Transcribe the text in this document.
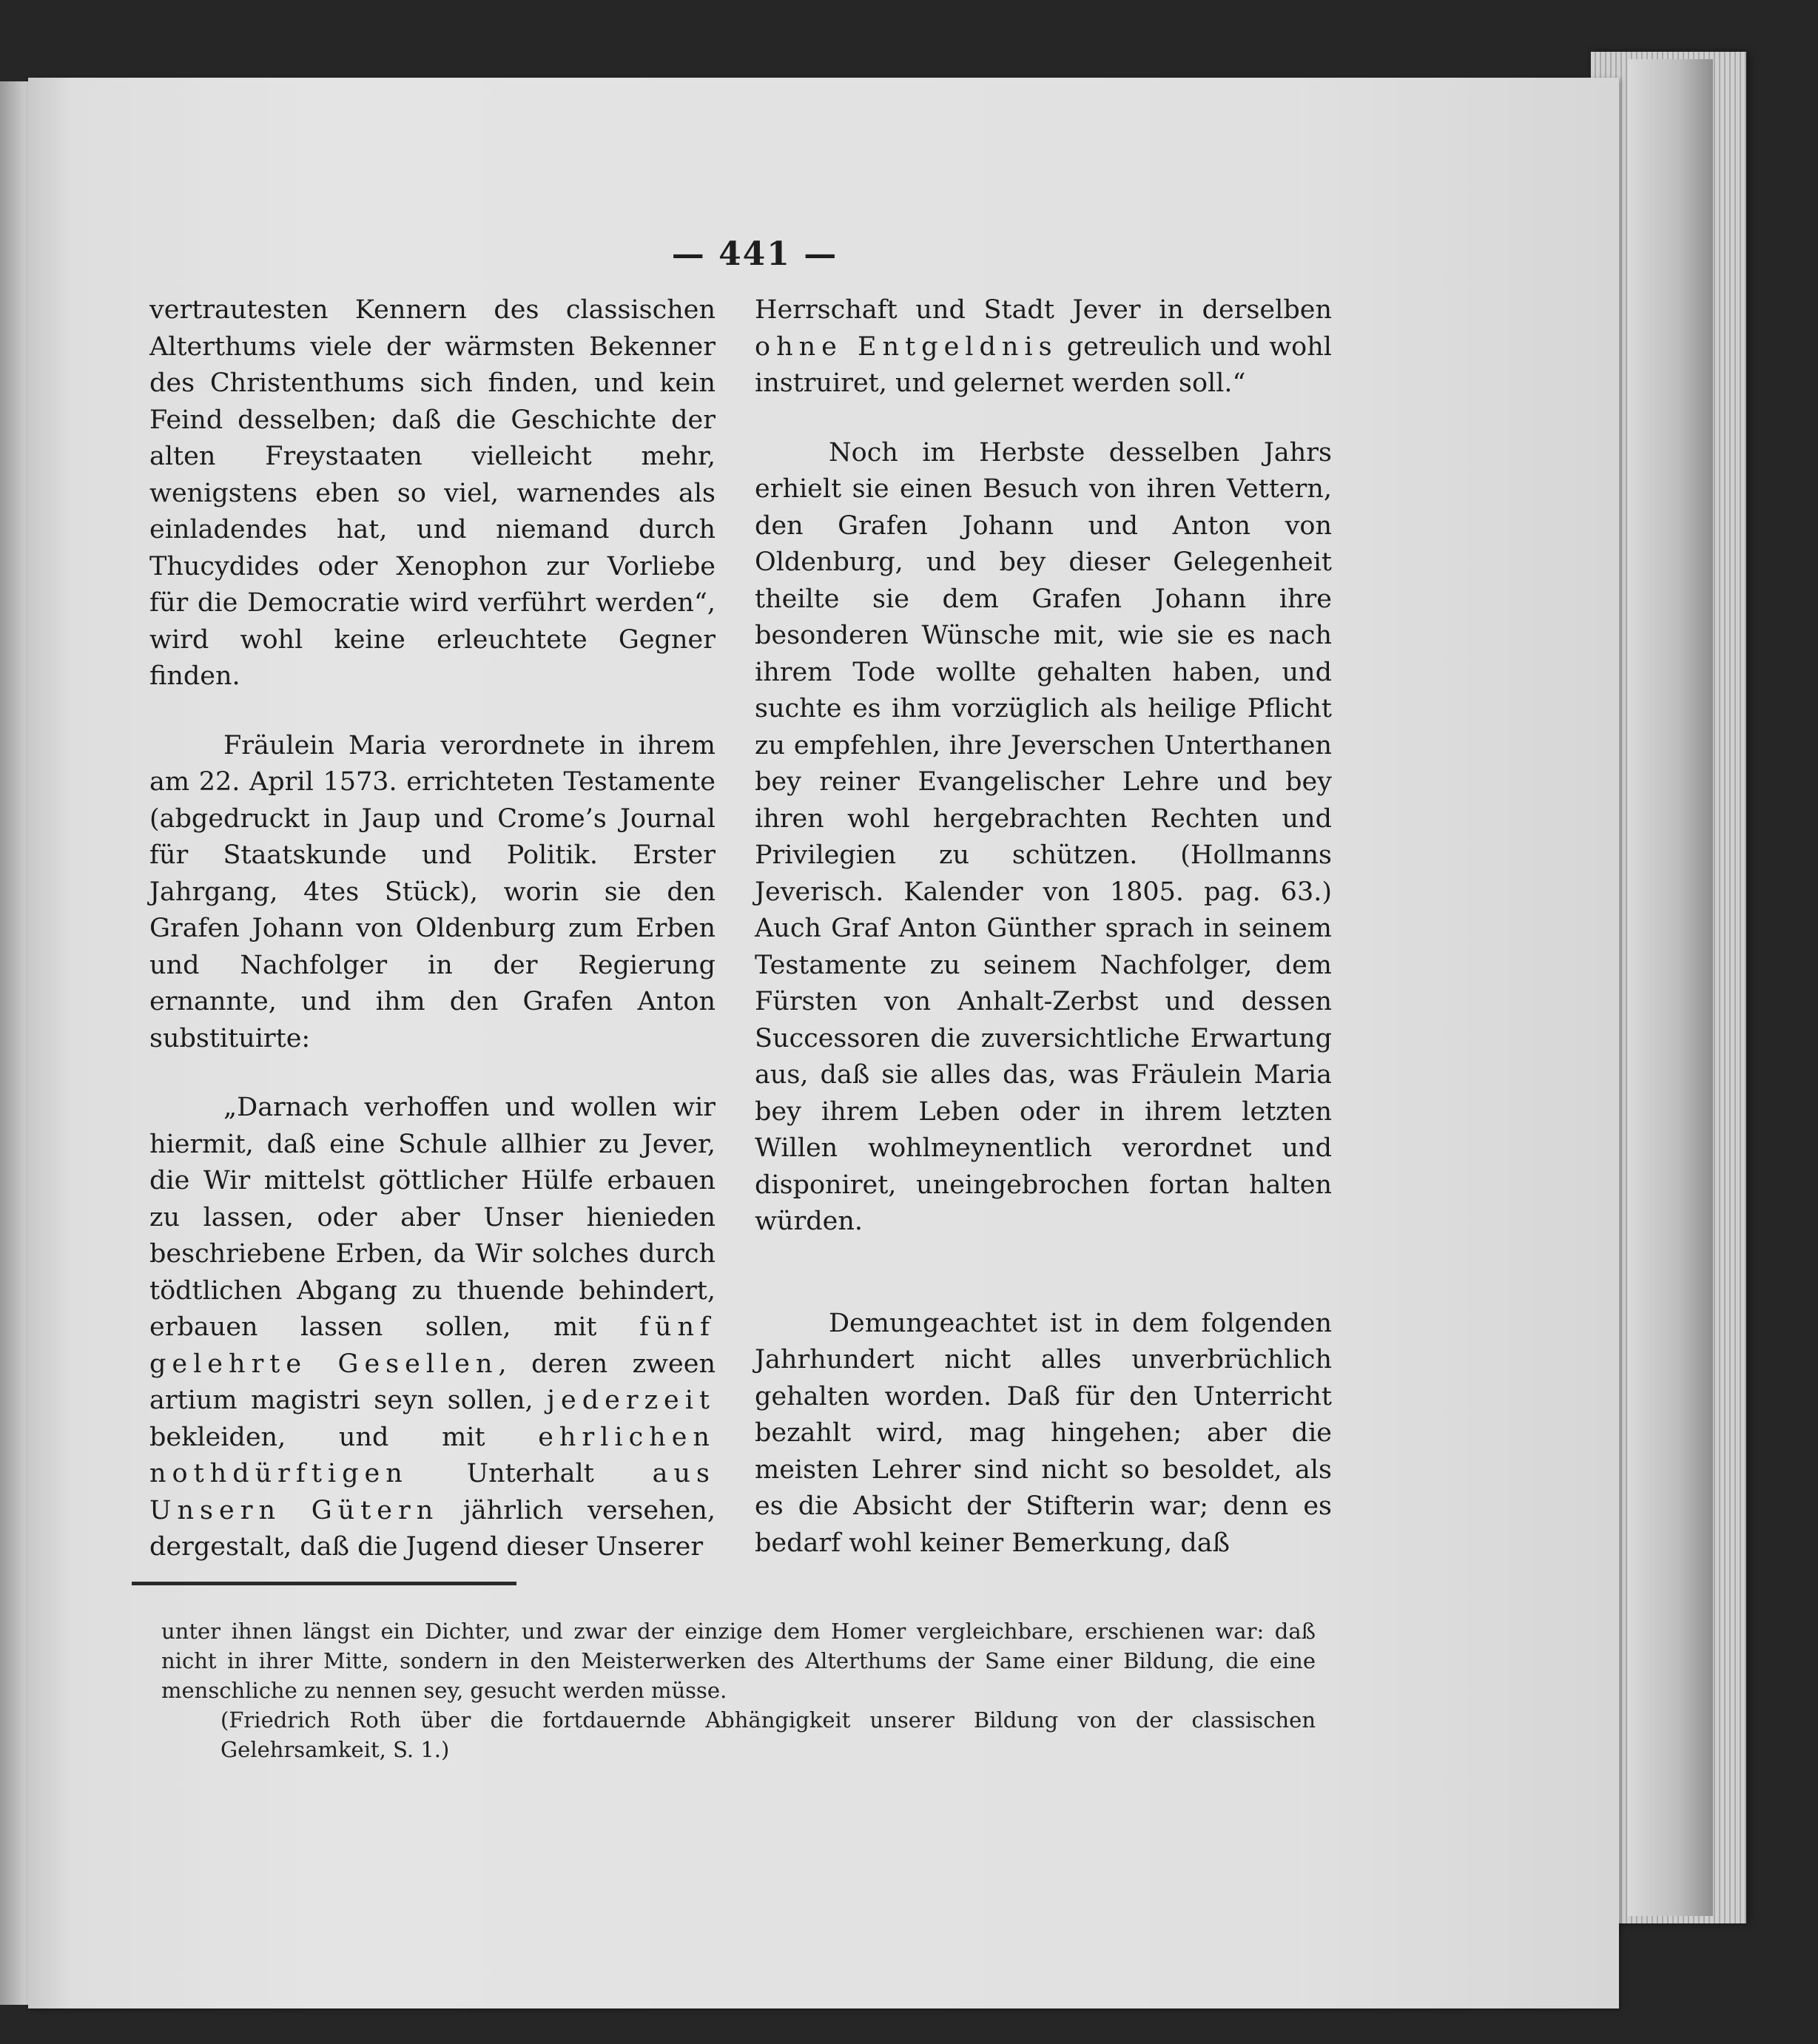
— 441 —

vertrautesten Kennern des classischen Alterthums viele der wärmsten Bekenner des Christenthums sich finden, und kein Feind desselben; daß die Geschichte der alten Freystaaten vielleicht mehr, wenigstens eben so viel, warnendes als einladendes hat, und niemand durch Thucydides oder Xenophon zur Vorliebe für die Democratie wird verführt werden“, wird wohl keine erleuchtete Gegner finden.

Fräulein Maria verordnete in ihrem am 22. April 1573. errichteten Testamente (abgedruckt in Jaup und Crome’s Journal für Staatskunde und Politik. Erster Jahrgang, 4tes Stück), worin sie den Grafen Johann von Oldenburg zum Erben und Nachfolger in der Regierung ernannte, und ihm den Grafen Anton substituirte:

„Darnach verhoffen und wollen wir hiermit, daß eine Schule allhier zu Jever, die Wir mittelst göttlicher Hülfe erbauen zu lassen, oder aber Unser hienieden beschriebene Erben, da Wir solches durch tödtlichen Abgang zu thuende behindert, erbauen lassen sollen, mit fünf gelehrte Gesellen, deren zween artium magistri seyn sollen, jederzeit bekleiden, und mit ehrlichen nothdürftigen Unterhalt aus Unsern Gütern jährlich versehen, dergestalt, daß die Jugend dieser Unserer

Herrschaft und Stadt Jever in derselben ohne Entgeldnis getreulich und wohl instruiret, und gelernet werden soll.“

Noch im Herbste desselben Jahrs erhielt sie einen Besuch von ihren Vettern, den Grafen Johann und Anton von Oldenburg, und bey dieser Gelegenheit theilte sie dem Grafen Johann ihre besonderen Wünsche mit, wie sie es nach ihrem Tode wollte gehalten haben, und suchte es ihm vorzüglich als heilige Pflicht zu empfehlen, ihre Jeverschen Unterthanen bey reiner Evangelischer Lehre und bey ihren wohl hergebrachten Rechten und Privilegien zu schützen. (Hollmanns Jeverisch. Kalender von 1805. pag. 63.) Auch Graf Anton Günther sprach in seinem Testamente zu seinem Nachfolger, dem Fürsten von Anhalt-Zerbst und dessen Successoren die zuversichtliche Erwartung aus, daß sie alles das, was Fräulein Maria bey ihrem Leben oder in ihrem letzten Willen wohlmeynentlich verordnet und disponiret, uneingebrochen fortan halten würden.

Demungeachtet ist in dem folgenden Jahrhundert nicht alles unverbrüchlich gehalten worden. Daß für den Unterricht bezahlt wird, mag hingehen; aber die meisten Lehrer sind nicht so besoldet, als es die Absicht der Stifterin war; denn es bedarf wohl keiner Bemerkung, daß

unter ihnen längst ein Dichter, und zwar der einzige dem Homer vergleichbare, erschienen war: daß nicht in ihrer Mitte, sondern in den Meisterwerken des Alterthums der Same einer Bildung, die eine menschliche zu nennen sey, gesucht werden müsse.

(Friedrich Roth über die fortdauernde Abhängigkeit unserer Bildung von der classischen Gelehrsamkeit, S. 1.)
